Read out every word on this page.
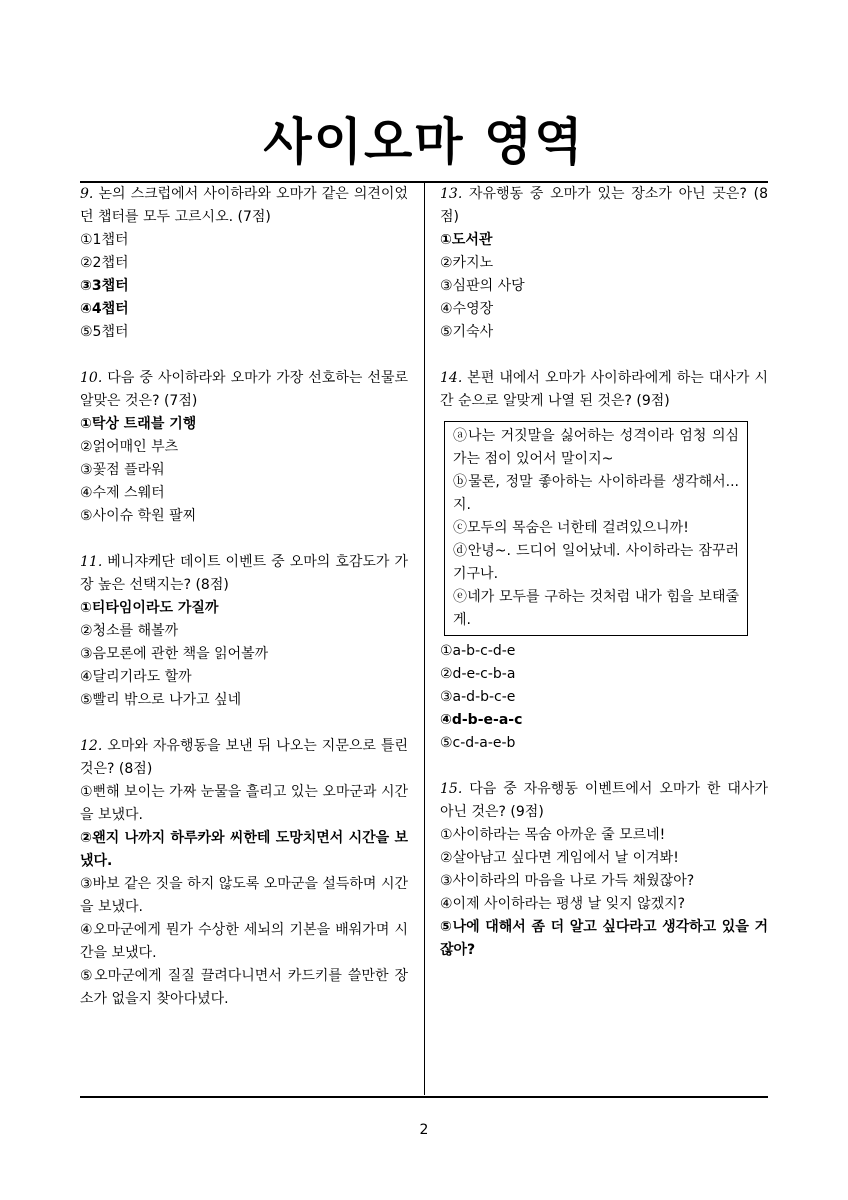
사이오마 영역
9. 논의 스크럽에서 사이하라와 오마가 같은 의견이었던 챕터를 모두 고르시오. (7점)
①1챕터
②2챕터
③3챕터
④4챕터
⑤5챕터
10. 다음 중 사이하라와 오마가 가장 선호하는 선물로 알맞은 것은? (7점)
①탁상 트래블 기행
②얽어매인 부츠
③꽃점 플라워
④수제 스웨터
⑤사이슈 학원 팔찌
11. 베니쟈케단 데이트 이벤트 중 오마의 호감도가 가장 높은 선택지는? (8점)
①티타임이라도 가질까
②청소를 해볼까
③음모론에 관한 책을 읽어볼까
④달리기라도 할까
⑤빨리 밖으로 나가고 싶네
12. 오마와 자유행동을 보낸 뒤 나오는 지문으로 틀린 것은? (8점)
①뻔해 보이는 가짜 눈물을 흘리고 있는 오마군과 시간을 보냈다.
②왠지 나까지 하루카와 씨한테 도망치면서 시간을 보냈다.
③바보 같은 짓을 하지 않도록 오마군을 설득하며 시간을 보냈다.
④오마군에게 뭔가 수상한 세뇌의 기본을 배워가며 시간을 보냈다.
⑤오마군에게 질질 끌려다니면서 카드키를 쓸만한 장소가 없을지 찾아다녔다.
13. 자유행동 중 오마가 있는 장소가 아닌 곳은? (8점)
①도서관
②카지노
③심판의 사당
④수영장
⑤기숙사
14. 본편 내에서 오마가 사이하라에게 하는 대사가 시간 순으로 알맞게 나열 된 것은? (9점)
ⓐ나는 거짓말을 싫어하는 성격이라 엄청 의심 가는 점이 있어서 말이지~
ⓑ물론, 정말 좋아하는 사이하라를 생각해서...지.
ⓒ모두의 목숨은 너한테 걸려있으니까!
ⓓ안녕~. 드디어 일어났네. 사이하라는 잠꾸러기구나.
ⓔ네가 모두를 구하는 것처럼 내가 힘을 보태줄게.
①a-b-c-d-e
②d-e-c-b-a
③a-d-b-c-e
④d-b-e-a-c
⑤c-d-a-e-b
15. 다음 중 자유행동 이벤트에서 오마가 한 대사가 아닌 것은? (9점)
①사이하라는 목숨 아까운 줄 모르네!
②살아남고 싶다면 게임에서 날 이겨봐!
③사이하라의 마음을 나로 가득 채웠잖아?
④이제 사이하라는 평생 날 잊지 않겠지?
⑤나에 대해서 좀 더 알고 싶다라고 생각하고 있을 거잖아?
2
